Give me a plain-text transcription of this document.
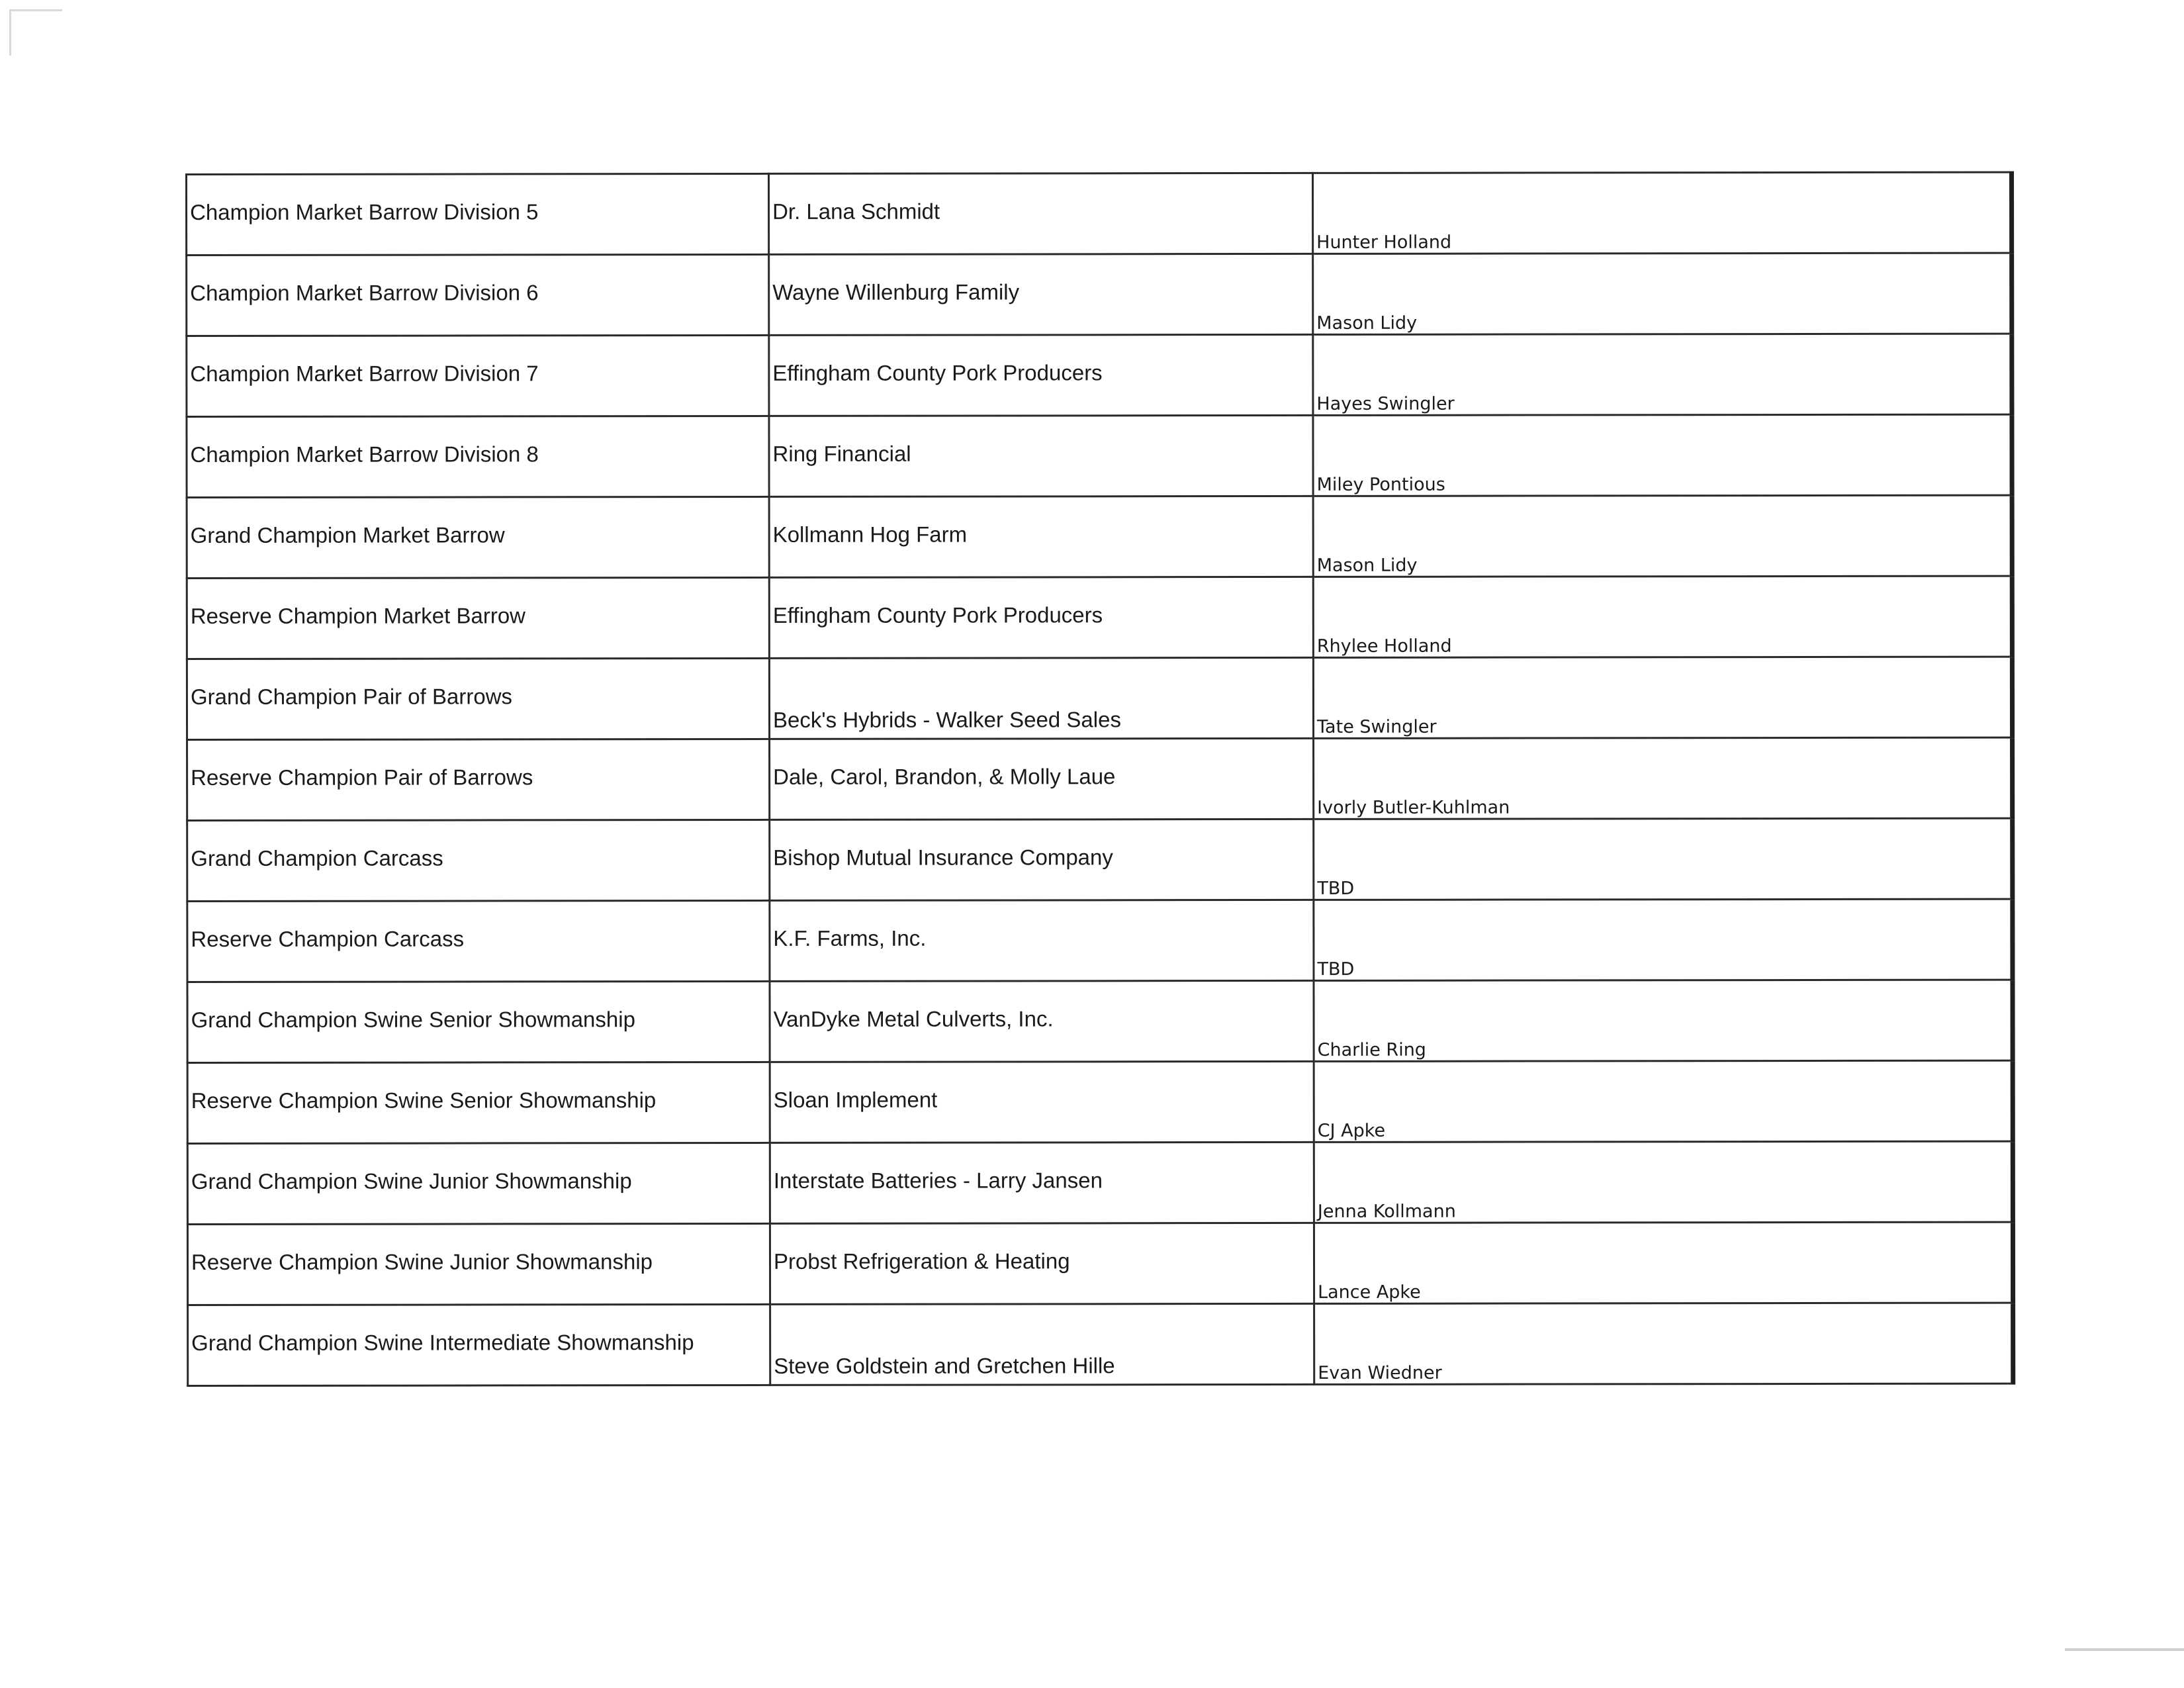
Champion Market Barrow Division 5	Dr. Lana Schmidt	Hunter Holland
Champion Market Barrow Division 6	Wayne Willenburg Family	Mason Lidy
Champion Market Barrow Division 7	Effingham County Pork Producers	Hayes Swingler
Champion Market Barrow Division 8	Ring Financial	Miley Pontious
Grand Champion Market Barrow	Kollmann Hog Farm	Mason Lidy
Reserve Champion Market Barrow	Effingham County Pork Producers	Rhylee Holland
Grand Champion Pair of Barrows	Beck's Hybrids - Walker Seed Sales	Tate Swingler
Reserve Champion Pair of Barrows	Dale, Carol, Brandon, & Molly Laue	Ivorly Butler-Kuhlman
Grand Champion Carcass	Bishop Mutual Insurance Company	TBD
Reserve Champion Carcass	K.F. Farms, Inc.	TBD
Grand Champion Swine Senior Showmanship	VanDyke Metal Culverts, Inc.	Charlie Ring
Reserve Champion Swine Senior Showmanship	Sloan Implement	CJ Apke
Grand Champion Swine Junior Showmanship	Interstate Batteries - Larry Jansen	Jenna Kollmann
Reserve Champion Swine Junior Showmanship	Probst Refrigeration & Heating	Lance Apke
Grand Champion Swine Intermediate Showmanship	Steve Goldstein and Gretchen Hille	Evan Wiedner
